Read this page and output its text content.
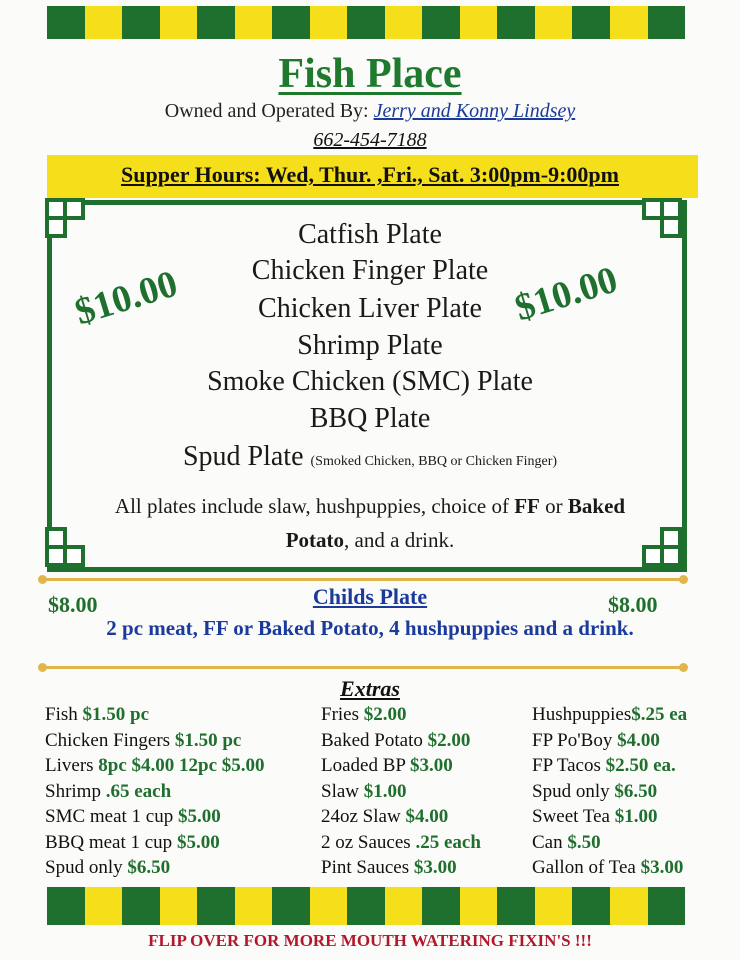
Fish Place
Owned and Operated By: Jerry and Konny Lindsey
662-454-7188
Supper Hours: Wed, Thur. ,Fri., Sat. 3:00pm-9:00pm
Catfish Plate
Chicken Finger Plate
Chicken Liver Plate
Shrimp Plate
Smoke Chicken (SMC) Plate
BBQ Plate
Spud Plate (Smoked Chicken, BBQ or Chicken Finger)
$10.00	$10.00
All plates include slaw, hushpuppies, choice of FF or Baked
Potato, and a drink.
Childs Plate
$8.00	$8.00
2 pc meat, FF or Baked Potato, 4 hushpuppies and a drink.
Extras
Fish $1.50 pc
Chicken Fingers $1.50 pc
Livers 8pc $4.00 12pc $5.00
Shrimp .65 each
SMC meat 1 cup $5.00
BBQ meat 1 cup $5.00
Spud only $6.50
Fries $2.00
Baked Potato $2.00
Loaded BP $3.00
Slaw $1.00
24oz Slaw $4.00
2 oz Sauces .25 each
Pint Sauces $3.00
Hushpuppies$.25 ea
FP Po'Boy $4.00
FP Tacos $2.50 ea.
Spud only $6.50
Sweet Tea $1.00
Can $.50
Gallon of Tea $3.00
FLIP OVER FOR MORE MOUTH WATERING FIXIN'S !!!
